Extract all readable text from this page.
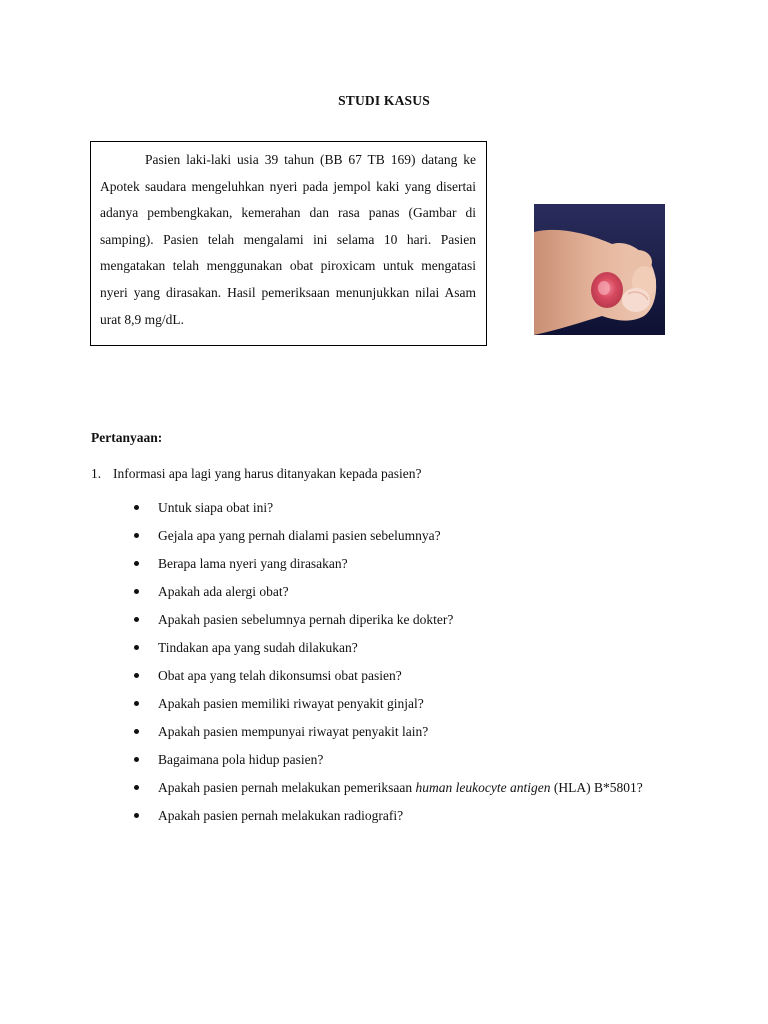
STUDI KASUS

Pasien laki-laki usia 39 tahun (BB 67 TB 169) datang ke Apotek saudara mengeluhkan nyeri pada jempol kaki yang disertai adanya pembengkakan, kemerahan dan rasa panas (Gambar di samping). Pasien telah mengalami ini selama 10 hari. Pasien mengatakan telah menggunakan obat piroxicam untuk mengatasi nyeri yang dirasakan. Hasil pemeriksaan menunjukkan nilai Asam urat 8,9 mg/dL.

Pertanyaan:
1. Informasi apa lagi yang harus ditanyakan kepada pasien?
Untuk siapa obat ini?
Gejala apa yang pernah dialami pasien sebelumnya?
Berapa lama nyeri yang dirasakan?
Apakah ada alergi obat?
Apakah pasien sebelumnya pernah diperika ke dokter?
Tindakan apa yang sudah dilakukan?
Obat apa yang telah dikonsumsi obat pasien?
Apakah pasien memiliki riwayat penyakit ginjal?
Apakah pasien mempunyai riwayat penyakit lain?
Bagaimana pola hidup pasien?
Apakah pasien pernah melakukan pemeriksaan human leukocyte antigen (HLA) B*5801?
Apakah pasien pernah melakukan radiografi?
